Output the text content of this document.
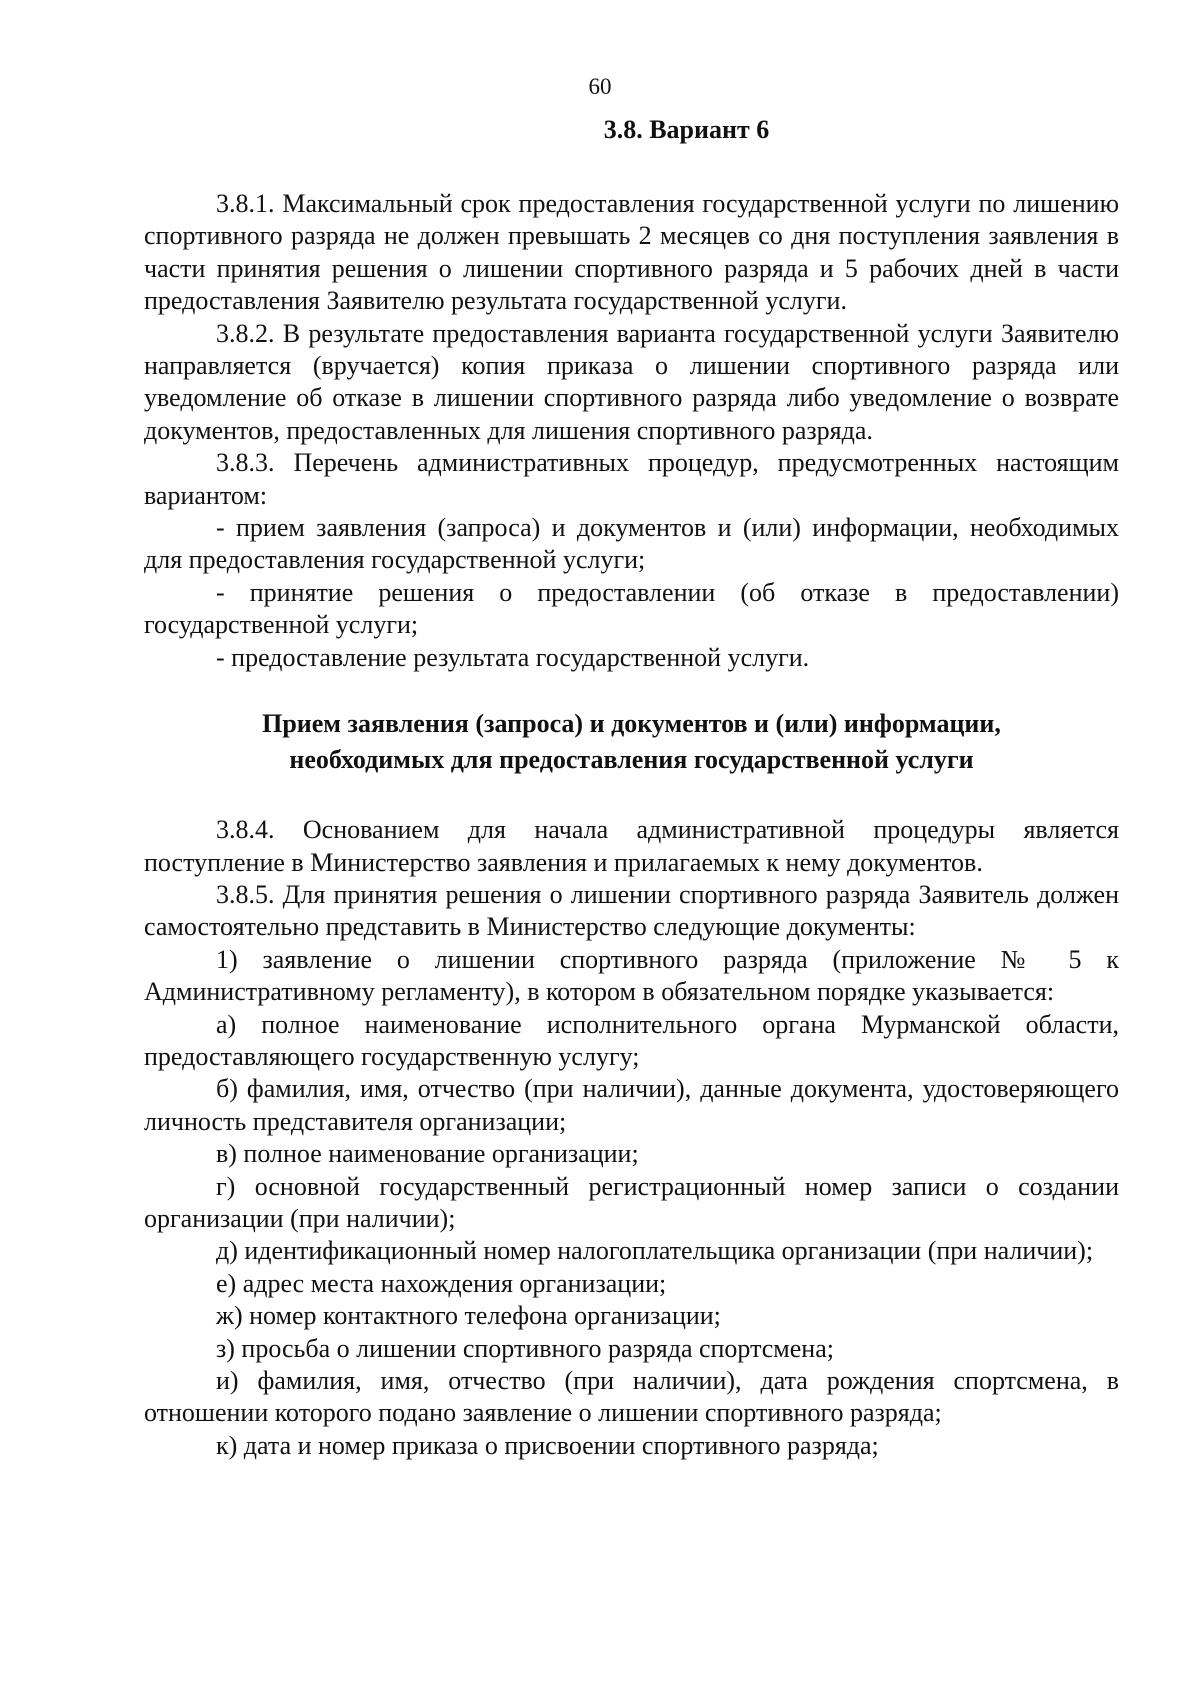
60

3.8. Вариант 6

3.8.1. Максимальный срок предоставления государственной услуги по лишению спортивного разряда не должен превышать 2 месяцев со дня поступления заявления в части принятия решения о лишении спортивного разряда и 5 рабочих дней в части предоставления Заявителю результата государственной услуги.

3.8.2. В результате предоставления варианта государственной услуги Заявителю направляется (вручается) копия приказа о лишении спортивного разряда или уведомление об отказе в лишении спортивного разряда либо уведомление о возврате документов, предоставленных для лишения спортивного разряда.

3.8.3. Перечень административных процедур, предусмотренных настоящим вариантом:

- прием заявления (запроса) и документов и (или) информации, необходимых для предоставления государственной услуги;

- принятие решения о предоставлении (об отказе в предоставлении) государственной услуги;

- предоставление результата государственной услуги.

Прием заявления (запроса) и документов и (или) информации,
необходимых для предоставления государственной услуги

3.8.4. Основанием для начала административной процедуры является поступление в Министерство заявления и прилагаемых к нему документов.

3.8.5. Для принятия решения о лишении спортивного разряда Заявитель должен самостоятельно представить в Министерство следующие документы:

1) заявление о лишении спортивного разряда (приложение № 5 к Административному регламенту), в котором в обязательном порядке указывается:

а) полное наименование исполнительного органа Мурманской области, предоставляющего государственную услугу;

б) фамилия, имя, отчество (при наличии), данные документа, удостоверяющего личность представителя организации;

в) полное наименование организации;

г) основной государственный регистрационный номер записи о создании организации (при наличии);

д) идентификационный номер налогоплательщика организации (при наличии);

е) адрес места нахождения организации;

ж) номер контактного телефона организации;

з) просьба о лишении спортивного разряда спортсмена;

и) фамилия, имя, отчество (при наличии), дата рождения спортсмена, в отношении которого подано заявление о лишении спортивного разряда;

к) дата и номер приказа о присвоении спортивного разряда;
